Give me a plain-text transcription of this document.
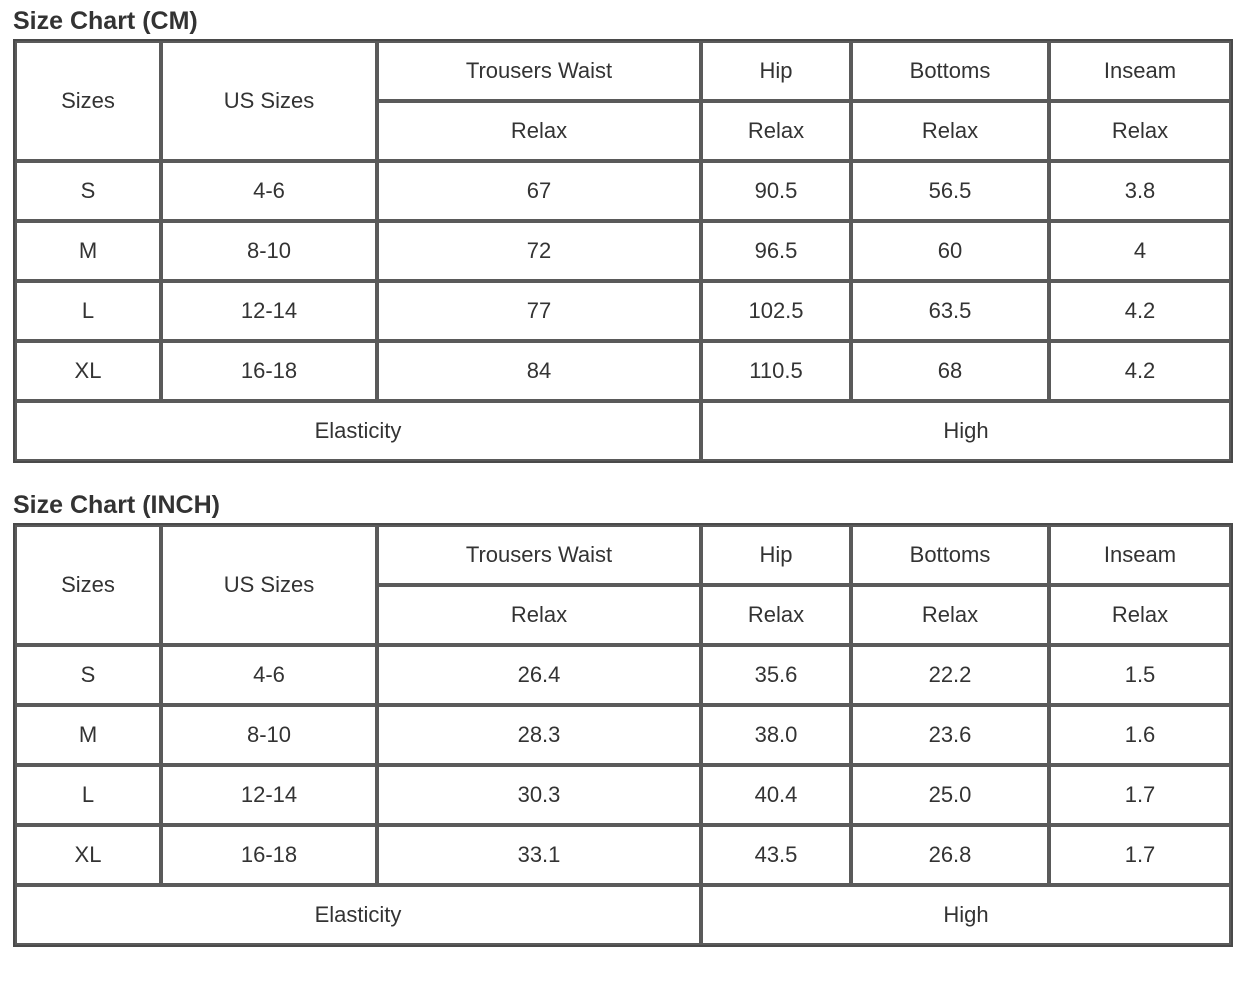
Size Chart (CM)
Sizes	US Sizes	Trousers Waist	Hip	Bottoms	Inseam
		Relax	Relax	Relax	Relax
S	4-6	67	90.5	56.5	3.8
M	8-10	72	96.5	60	4
L	12-14	77	102.5	63.5	4.2
XL	16-18	84	110.5	68	4.2
Elasticity			High		
Size Chart (INCH)
Sizes	US Sizes	Trousers Waist	Hip	Bottoms	Inseam
		Relax	Relax	Relax	Relax
S	4-6	26.4	35.6	22.2	1.5
M	8-10	28.3	38.0	23.6	1.6
L	12-14	30.3	40.4	25.0	1.7
XL	16-18	33.1	43.5	26.8	1.7
Elasticity			High		
